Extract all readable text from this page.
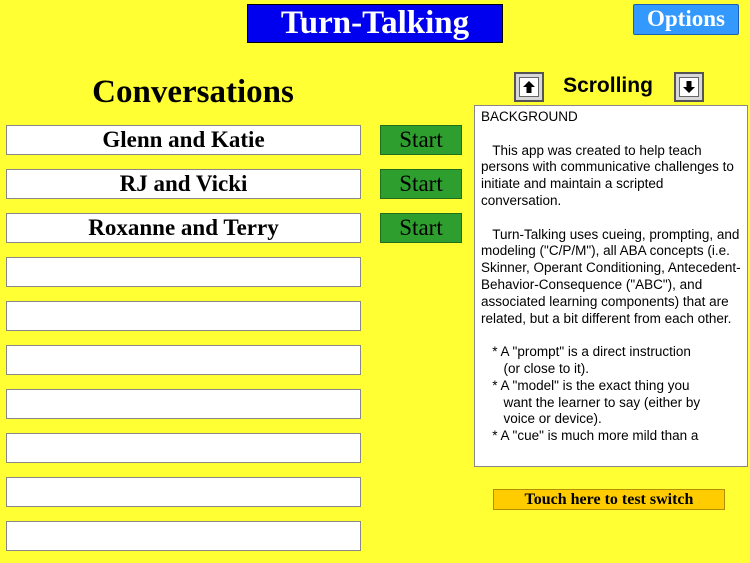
Turn-Talking	Options
Conversations
Glenn and Katie
RJ and Vicki
Roxanne and Terry
Start
Start
Start
Scrolling
BACKGROUND

This app was created to help teach persons with communicative challenges to initiate and maintain a scripted conversation.

Turn-Talking uses cueing, prompting, and modeling ("C/P/M"), all ABA concepts (i.e. Skinner, Operant Conditioning, Antecedent-Behavior-Consequence ("ABC"), and associated learning components) that are related, but a bit different from each other.

* A "prompt" is a direct instruction
(or close to it).
* A "model" is the exact thing you
want the learner to say (either by
voice or device).
* A "cue" is much more mild than a
Touch here to test switch
